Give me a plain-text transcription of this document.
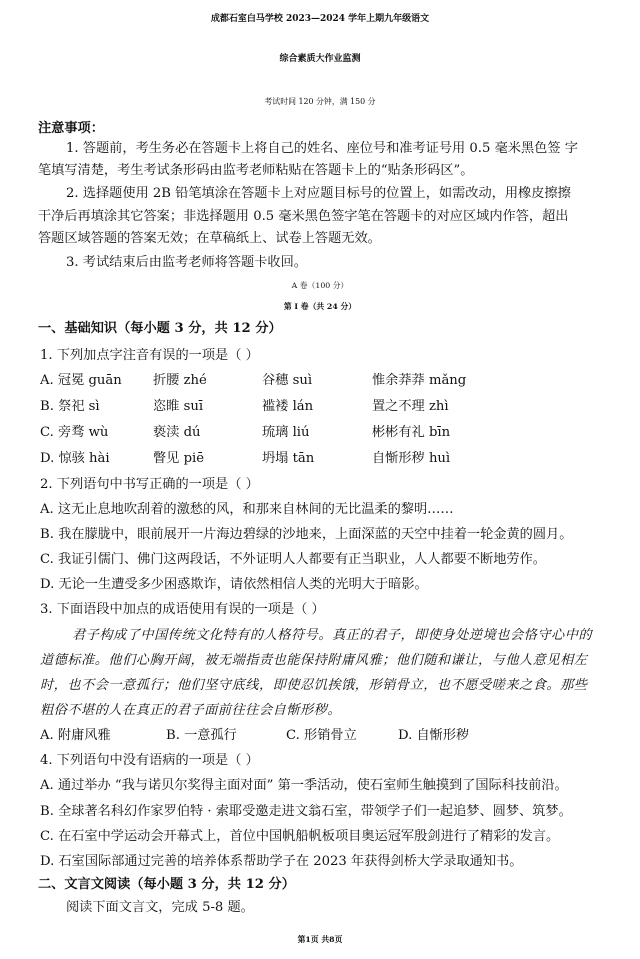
成都石室白马学校 2023—2024 学年上期九年级语文
综合素质大作业监测
考试时间 120 分钟，满 150 分
注意事项：
1. 答题前，考生务必在答题卡上将自己的姓名、座位号和准考证号用 0.5 毫米黑色签 字
笔填写清楚，考生考试条形码由监考老师粘贴在答题卡上的“贴条形码区”。
2. 选择题使用 2B 铅笔填涂在答题卡上对应题目标号的位置上，如需改动，用橡皮擦擦
干净后再填涂其它答案；非选择题用 0.5 毫米黑色签字笔在答题卡的对应区域内作答，超出
答题区域答题的答案无效；在草稿纸上、试卷上答题无效。
3. 考试结束后由监考老师将答题卡收回。
A 卷（100 分）
第 I 卷（共 24 分）
一、基础知识（每小题 3 分，共 12 分）
1. 下列加点字注音有误的一项是（ ）
A. 冠冕 guān 折腰 zhé	谷穗 suì	惟余莽莽 mǎng
B. 祭祀 sì	恣睢 suī	褴褛 lán	置之不理 zhì
C. 旁骛 wù	亵渎 dú	琉璃 liú	彬彬有礼 bīn
D. 惊骇 hài	瞥见 piē	坍塌 tān	自惭形秽 huì
2. 下列语句中书写正确的一项是（ ）
A. 这无止息地吹刮着的激愁的风，和那来自林间的无比温柔的黎明……
B. 我在朦胧中，眼前展开一片海边碧绿的沙地来，上面深蓝的天空中挂着一轮金黄的圆月。
C. 我证引儒门、佛门这两段话，不外证明人人都要有正当职业，人人都要不断地劳作。
D. 无论一生遭受多少困惑欺诈，请依然相信人类的光明大于暗影。
3. 下面语段中加点的成语使用有误的一项是（ ）
君子构成了中国传统文化特有的人格符号。真正的君子，即使身处逆境也会恪守心中的
道德标准。他们心胸开阔，被无端指责也能保持附庸风雅；他们随和谦让，与他人意见相左
时，也不会一意孤行；他们坚守底线，即使忍饥挨饿，形销骨立，也不愿受嗟来之食。那些
粗俗不堪的人在真正的君子面前往往会自惭形秽。
A. 附庸风雅	B. 一意孤行	C. 形销骨立	D. 自惭形秽
4. 下列语句中没有语病的一项是（ ）
A. 通过举办 “我与诺贝尔奖得主面对面” 第一季活动，使石室师生触摸到了国际科技前沿。
B. 全球著名科幻作家罗伯特 · 索耶受邀走进文翁石室，带领学子们一起追梦、圆梦、筑梦。
C. 在石室中学运动会开幕式上，首位中国帆船帆板项目奥运冠军殷剑进行了精彩的发言。
D. 石室国际部通过完善的培养体系帮助学子在 2023 年获得剑桥大学录取通知书。
二、文言文阅读（每小题 3 分，共 12 分）
阅读下面文言文，完成 5-8 题。
第1页 共8页
